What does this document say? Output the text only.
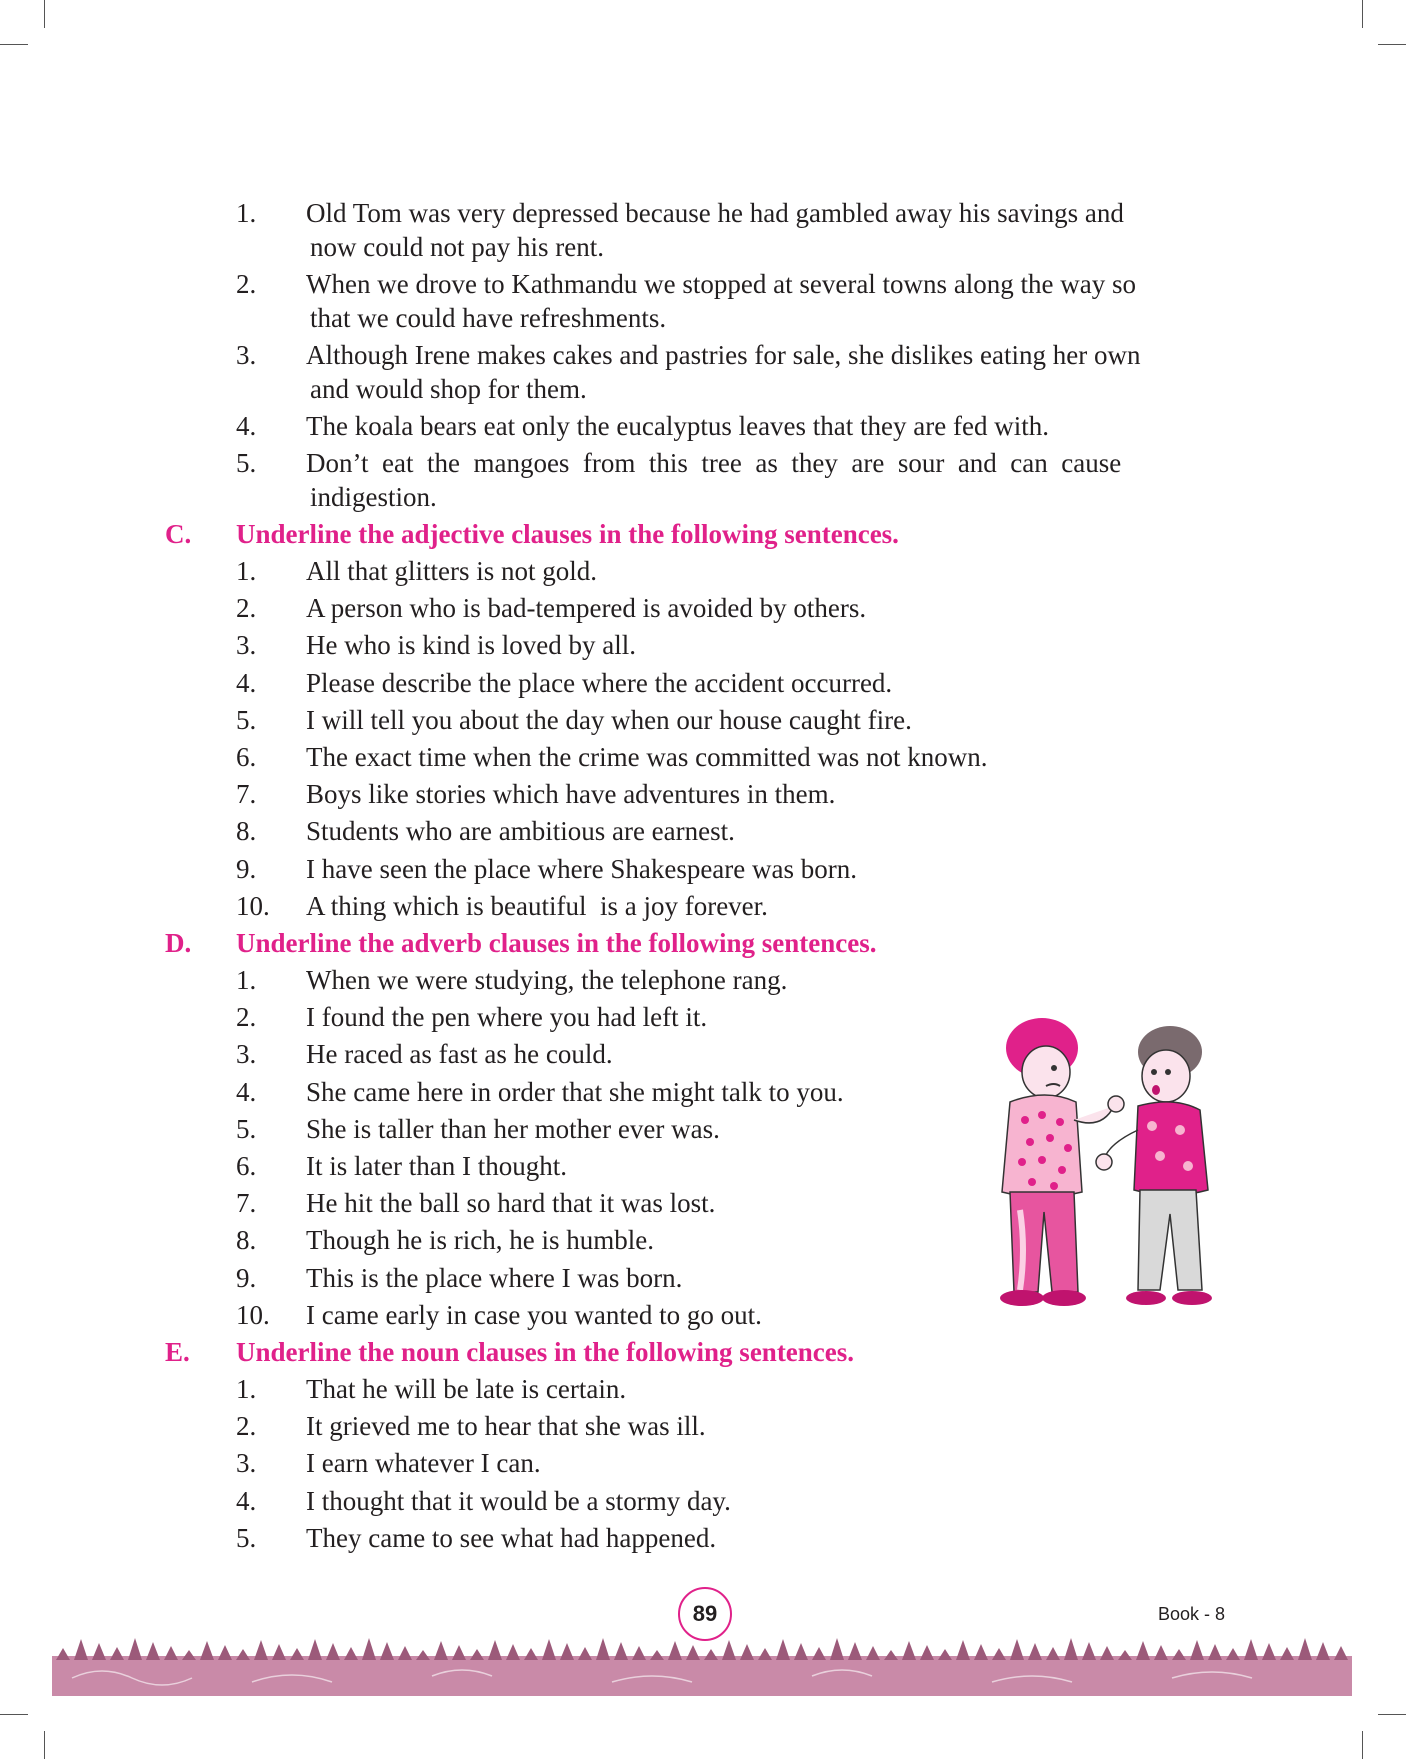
1.	Old Tom was very depressed because he had gambled away his savings and
now could not pay his rent.
2.	When we drove to Kathmandu we stopped at several towns along the way so
that we could have refreshments.
3.	Although Irene makes cakes and pastries for sale, she dislikes eating her own
and would shop for them.
4.	The koala bears eat only the eucalyptus leaves that they are fed with.
5.	Don’t  eat  the  mangoes  from  this  tree  as  they  are  sour  and  can  cause
indigestion.
C.	Underline the adjective clauses in the following sentences.
1.	All that glitters is not gold.
2.	A person who is bad-tempered is avoided by others.
3.	He who is kind is loved by all.
4.	Please describe the place where the accident occurred.
5.	I will tell you about the day when our house caught fire.
6.	The exact time when the crime was committed was not known.
7.	Boys like stories which have adventures in them.
8.	Students who are ambitious are earnest.
9.	I have seen the place where Shakespeare was born.
10.	A thing which is beautiful  is a joy forever.
D.	Underline the adverb clauses in the following sentences.
1.	When we were studying, the telephone rang.
2.	I found the pen where you had left it.
3.	He raced as fast as he could.
4.	She came here in order that she might talk to you.
5.	She is taller than her mother ever was.
6.	It is later than I thought.
7.	He hit the ball so hard that it was lost.
8.	Though he is rich, he is humble.
9.	This is the place where I was born.
10.	I came early in case you wanted to go out.
E.	Underline the noun clauses in the following sentences.
1.	That he will be late is certain.
2.	It grieved me to hear that she was ill.
3.	I earn whatever I can.
4.	I thought that it would be a stormy day.
5.	They came to see what had happened.
89	Book - 8
